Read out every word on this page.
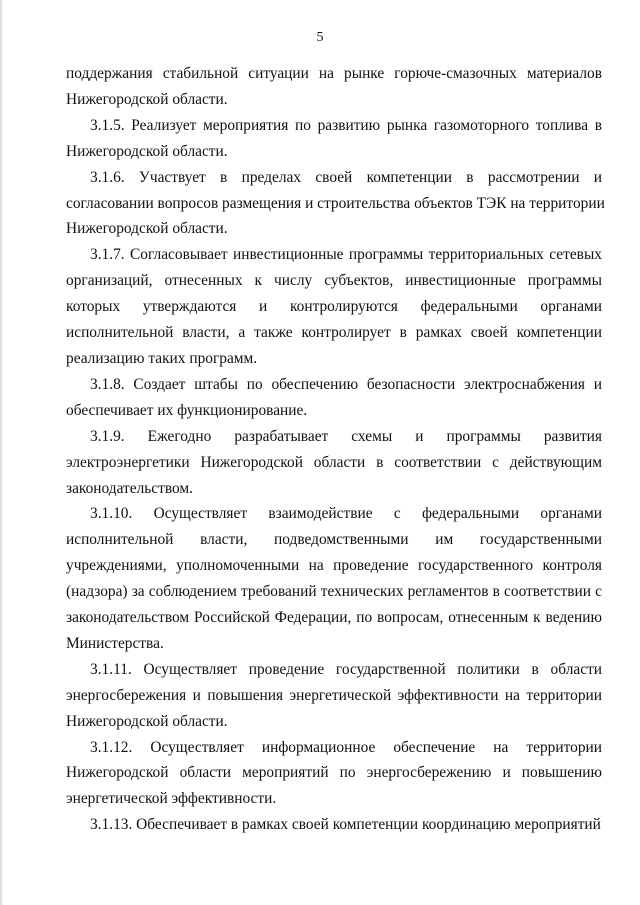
5
поддержания стабильной ситуации на рынке горюче-смазочных материалов
Нижегородской области.
3.1.5. Реализует мероприятия по развитию рынка газомоторного топлива в
Нижегородской области.
3.1.6. Участвует в пределах своей компетенции в рассмотрении и
согласовании вопросов размещения и строительства объектов ТЭК на территории
Нижегородской области.
3.1.7. Согласовывает инвестиционные программы территориальных сетевых
организаций, отнесенных к числу субъектов, инвестиционные программы
которых утверждаются и контролируются федеральными органами
исполнительной власти, а также контролирует в рамках своей компетенции
реализацию таких программ.
3.1.8. Создает штабы по обеспечению безопасности электроснабжения и
обеспечивает их функционирование.
3.1.9. Ежегодно разрабатывает схемы и программы развития
электроэнергетики Нижегородской области в соответствии с действующим
законодательством.
3.1.10. Осуществляет взаимодействие с федеральными органами
исполнительной власти, подведомственными им государственными
учреждениями, уполномоченными на проведение государственного контроля
(надзора) за соблюдением требований технических регламентов в соответствии с
законодательством Российской Федерации, по вопросам, отнесенным к ведению
Министерства.
3.1.11. Осуществляет проведение государственной политики в области
энергосбережения и повышения энергетической эффективности на территории
Нижегородской области.
3.1.12. Осуществляет информационное обеспечение на территории
Нижегородской области мероприятий по энергосбережению и повышению
энергетической эффективности.
3.1.13. Обеспечивает в рамках своей компетенции координацию мероприятий
